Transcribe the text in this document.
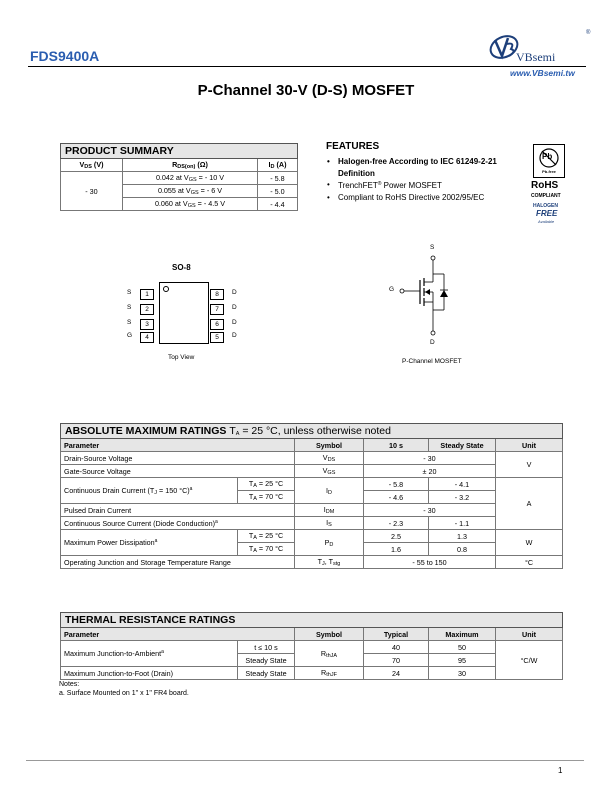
FDS9400A	VBsemi
®
www.VBsemi.tw
P-Channel 30-V (D-S) MOSFET
PRODUCT SUMMARY		
$V_{DS}$ (V)	$R_{DS(on)}$ (Ω)	$I_D$ (A)
- 30	0.042 at $V_{GS}$ = - 10 V	- 5.8
	0.055 at $V_{GS}$ = - 6 V	- 5.0
	0.060 at $V_{GS}$ = - 4.5 V	- 4.4
FEATURES
• Halogen-free According to IEC 61249-2-21 Definition
• TrenchFET® Power MOSFET
• Compliant to RoHS Directive 2002/95/EC
Pb
Pb-free
RoHS
COMPLIANT
HALOGEN
FREE
Available
SO-8
S	1
S	2
S	3
G	4
8	D
7	D
6	D
5	D
Top View
S
G
D
P-Channel MOSFET
ABSOLUTE MAXIMUM RATINGS $T_A = 25$ °C, unless otherwise noted					
Parameter		Symbol	10 s	Steady State	Unit
Drain-Source Voltage		$V_{DS}$	- 30		V
Gate-Source Voltage		$V_{GS}$	± 20		
Continuous Drain Current ($T_J = 150$ °C)$^a$	$T_A = 25$ °C	$I_D$	- 5.8	- 4.1	A
	$T_A = 70$ °C		- 4.6	- 3.2	
Pulsed Drain Current		$I_{DM}$	- 30		
Continuous Source Current (Diode Conduction)$^a$		$I_S$	- 2.3	- 1.1	
Maximum Power Dissipation$^a$	$T_A = 25$ °C	$P_D$	2.5	1.3	W
	$T_A = 70$ °C		1.6	0.8	
Operating Junction and Storage Temperature Range		$T_J$, $T_{stg}$	- 55 to 150		°C
THERMAL RESISTANCE RATINGS					
Parameter		Symbol	Typical	Maximum	Unit
Maximum Junction-to-Ambient$^a$	t ≤ 10 s	$R_{thJA}$	40	50	°C/W
	Steady State		70	95	
Maximum Junction-to-Foot (Drain)	Steady State	$R_{thJF}$	24	30	
Notes:
a. Surface Mounted on 1" x 1" FR4 board.
1
